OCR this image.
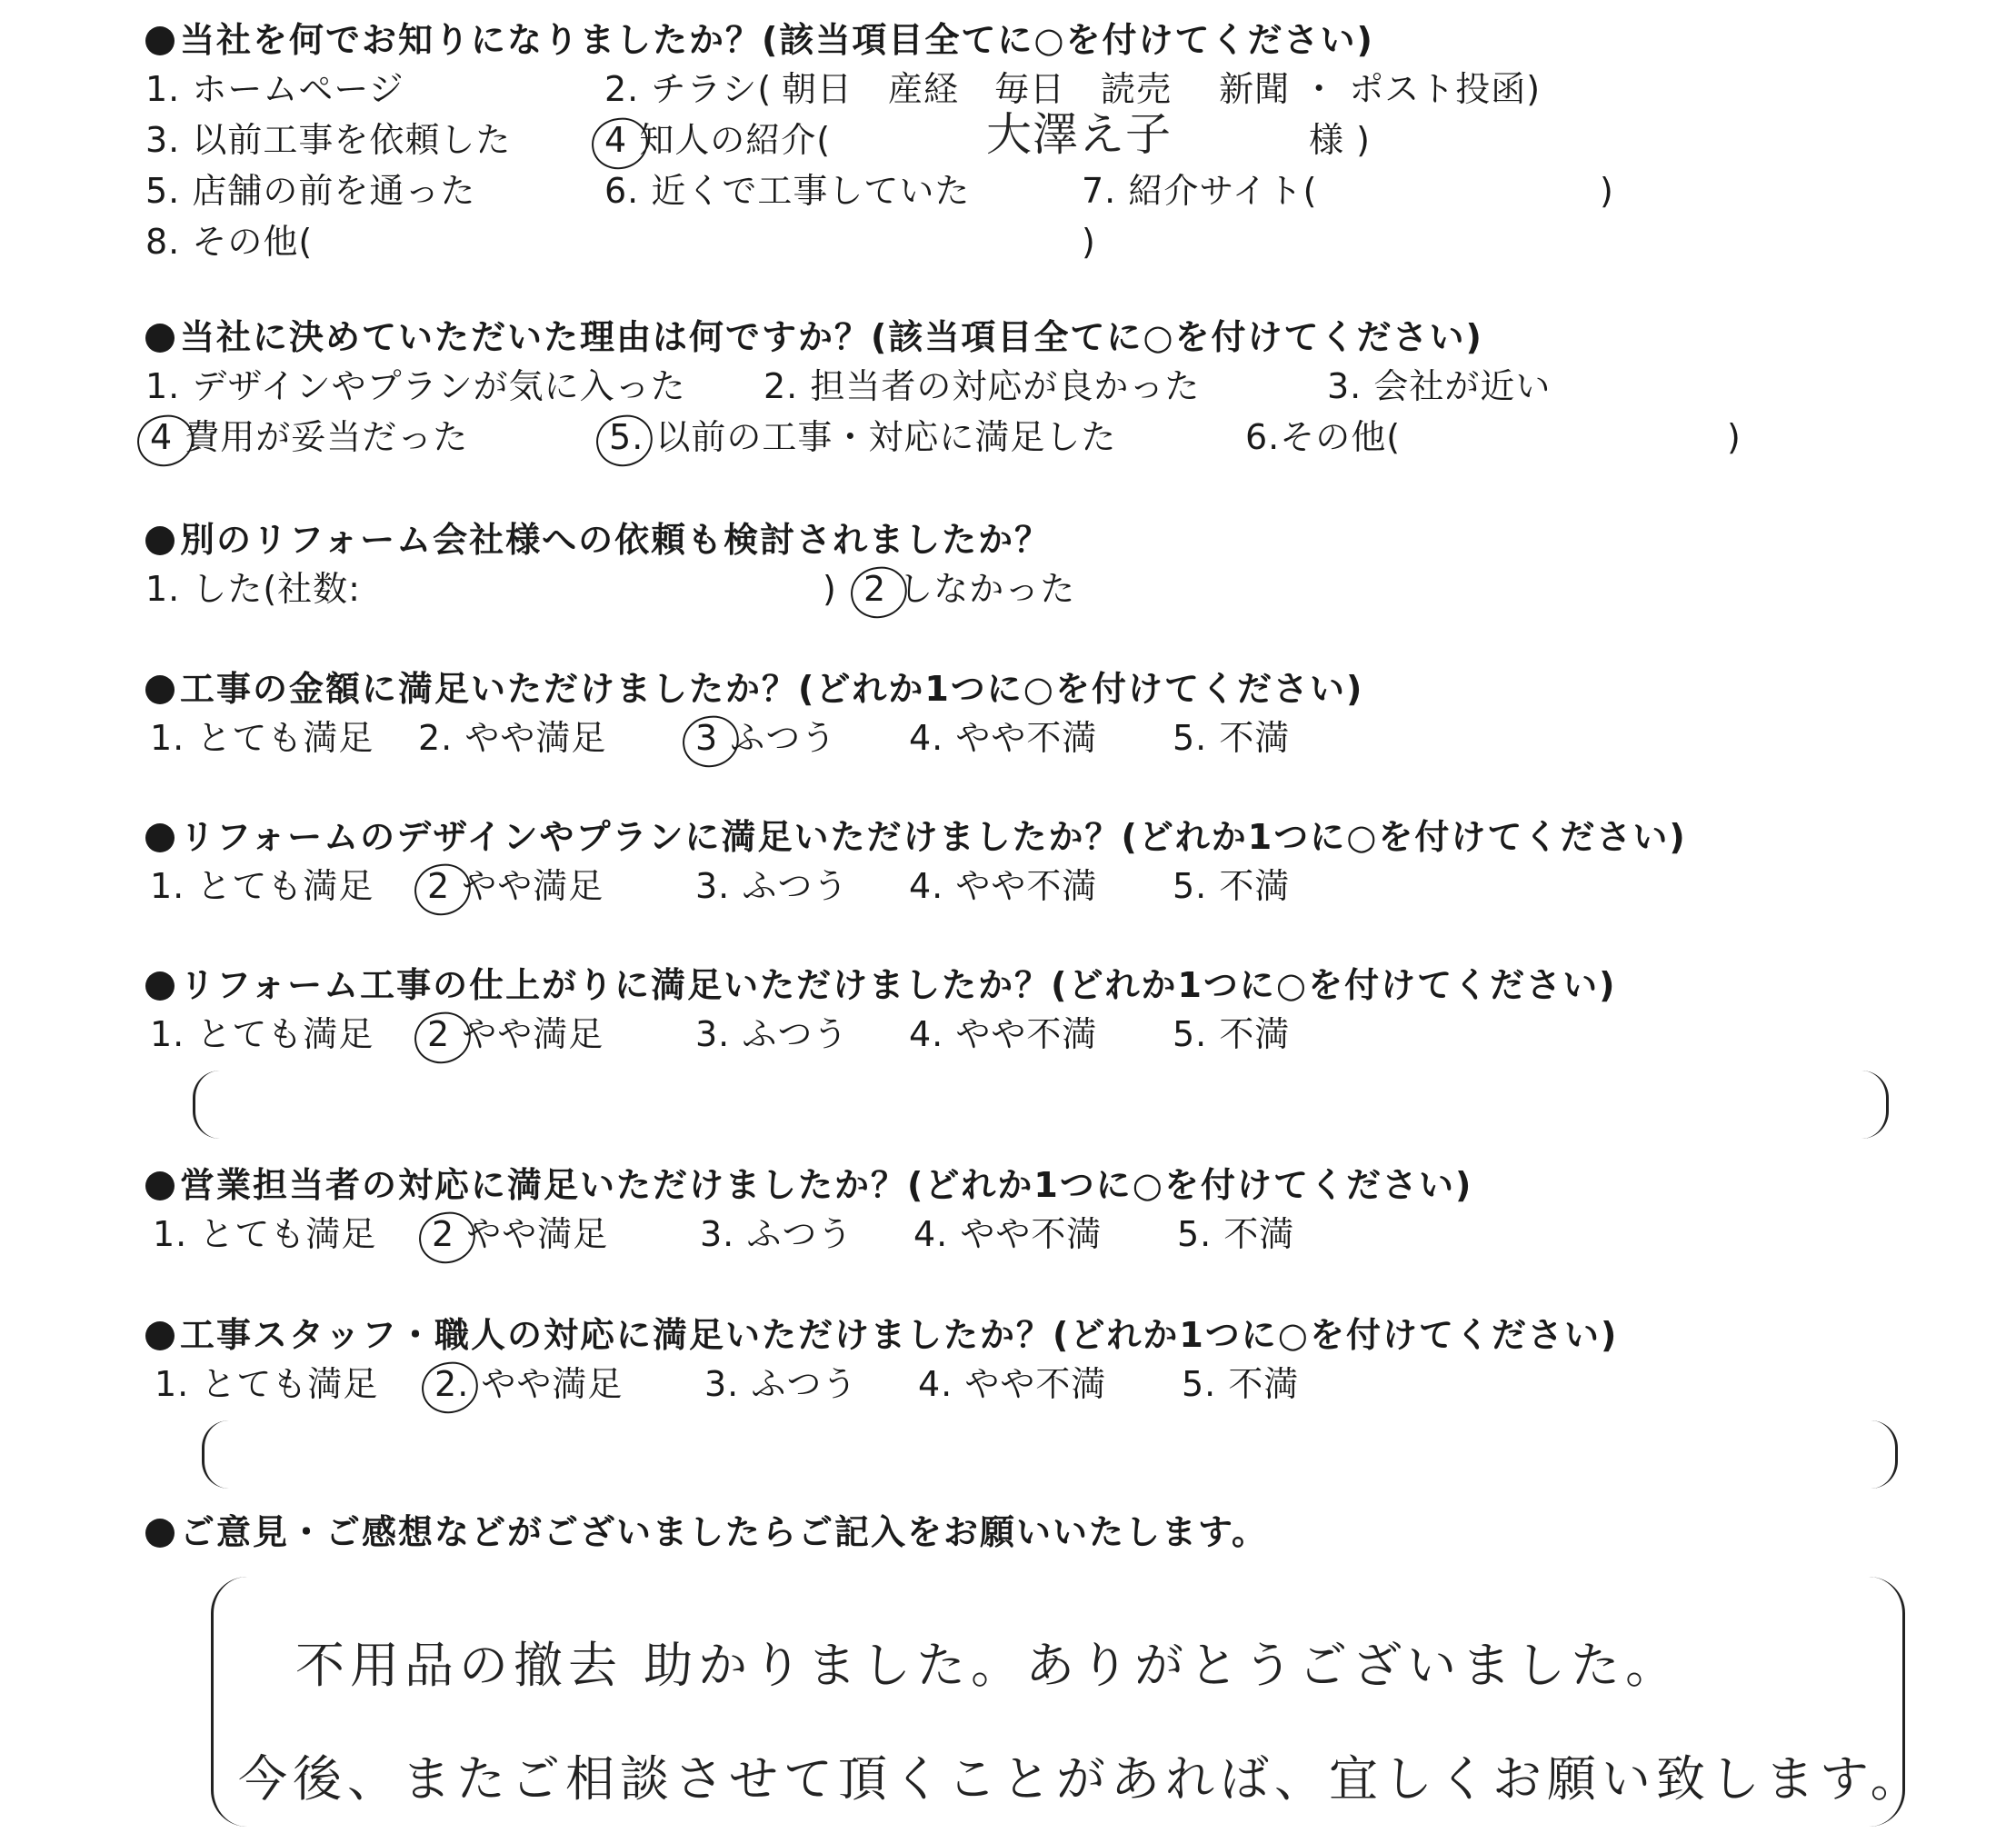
当社を何でお知りになりましたか？(該当項目全てに○を付けてください)
1. ホームページ	2. チラシ( 朝日　産経　毎日　読売　 新聞 ・ ポスト投函)
3. 以前工事を依頼した	4 知人の紹介(	大澤え子	様 )
5. 店舗の前を通った	6. 近くで工事していた	7. 紹介サイト(	)
8. その他(	)
当社に決めていただいた理由は何ですか？(該当項目全てに○を付けてください)
1. デザインやプランが気に入った 2. 担当者の対応が良かった	3. 会社が近い
4 費用が妥当だった	5. 以前の工事・対応に満足した	6.その他(	)
別のリフォーム会社様への依頼も検討されましたか？
1. した(社数:	) 2 しなかった
工事の金額に満足いただけましたか？(どれか1つに○を付けてください)
1. とても満足 2. やや満足	3 ふつう 4. やや不満 5. 不満
リフォームのデザインやプランに満足いただけましたか？(どれか1つに○を付けてください)
1. とても満足 2 やや満足	3. ふつう 4. やや不満 5. 不満
リフォーム工事の仕上がりに満足いただけましたか？(どれか1つに○を付けてください)
1. とても満足 2 やや満足	3. ふつう 4. やや不満 5. 不満
営業担当者の対応に満足いただけましたか？(どれか1つに○を付けてください)
1. とても満足 2 やや満足	3. ふつう 4. やや不満 5. 不満
工事スタッフ・職人の対応に満足いただけましたか？(どれか1つに○を付けてください)
1. とても満足 2. やや満足 3. ふつう 4. やや不満 5. 不満
ご意見・ご感想などがございましたらご記入をお願いいたします。
不用品の撤去 助かりました。ありがとうございました。
今後、またご相談させて頂くことがあれば、宜しくお願い致します。
